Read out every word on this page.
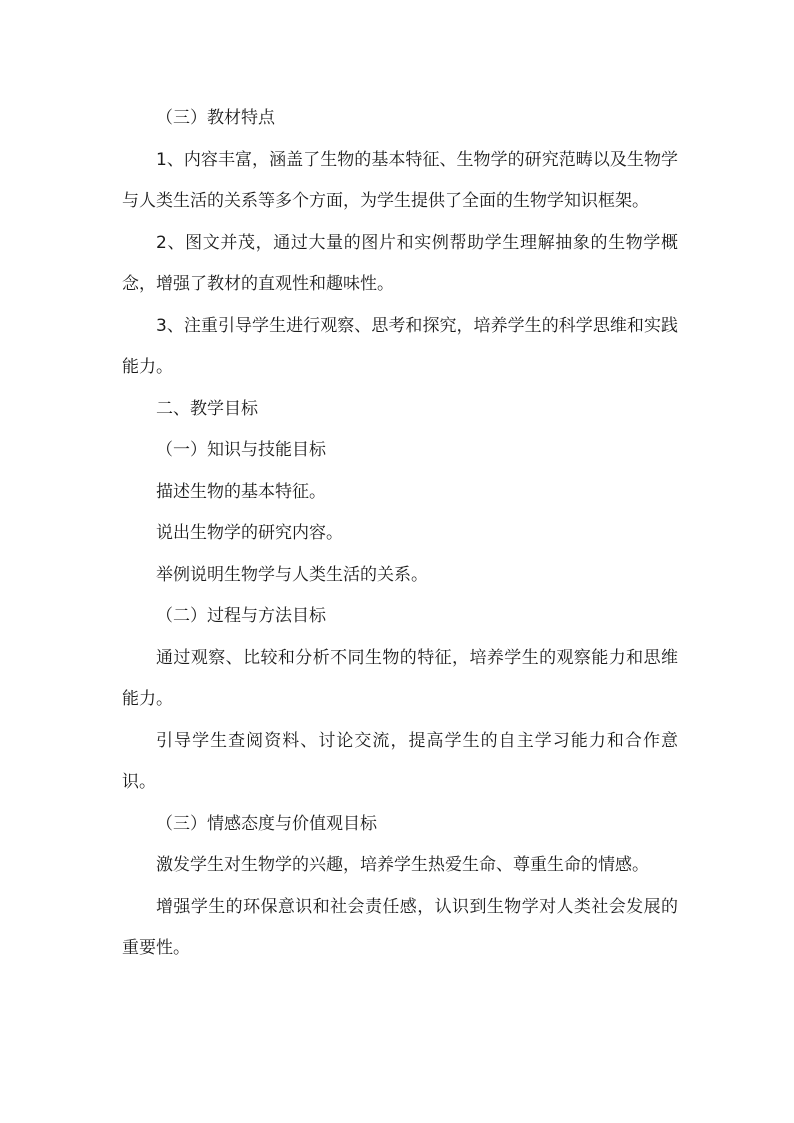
（三）教材特点

1、内容丰富，涵盖了生物的基本特征、生物学的研究范畴以及生物学与人类生活的关系等多个方面，为学生提供了全面的生物学知识框架。

2、图文并茂，通过大量的图片和实例帮助学生理解抽象的生物学概念，增强了教材的直观性和趣味性。

3、注重引导学生进行观察、思考和探究，培养学生的科学思维和实践能力。

二、教学目标

（一）知识与技能目标

描述生物的基本特征。

说出生物学的研究内容。

举例说明生物学与人类生活的关系。

（二）过程与方法目标

通过观察、比较和分析不同生物的特征，培养学生的观察能力和思维能力。

引导学生查阅资料、讨论交流，提高学生的自主学习能力和合作意识。

（三）情感态度与价值观目标

激发学生对生物学的兴趣，培养学生热爱生命、尊重生命的情感。

增强学生的环保意识和社会责任感，认识到生物学对人类社会发展的重要性。
